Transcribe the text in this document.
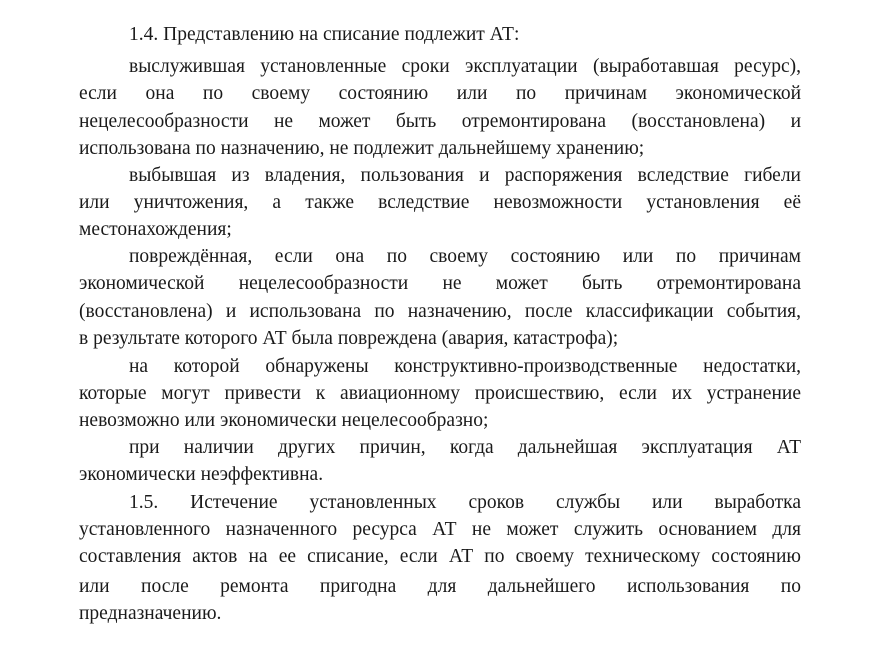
1.4. Представлению на списание подлежит АТ:
выслужившая установленные сроки эксплуатации (выработавшая ресурс),
если она по своему состоянию или по причинам экономической
нецелесообразности не может быть отремонтирована (восстановлена) и
использована по назначению, не подлежит дальнейшему хранению;
выбывшая из владения, пользования и распоряжения вследствие гибели
или уничтожения, а также вследствие невозможности установления её
местонахождения;
повреждённая, если она по своему состоянию или по причинам
экономической нецелесообразности не может быть отремонтирована
(восстановлена) и использована по назначению, после классификации события,
в результате которого АТ была повреждена (авария, катастрофа);
на которой обнаружены конструктивно-производственные недостатки,
которые могут привести к авиационному происшествию, если их устранение
невозможно или экономически нецелесообразно;
при наличии других причин, когда дальнейшая эксплуатация АТ
экономически неэффективна.
1.5. Истечение установленных сроков службы или выработка
установленного назначенного ресурса АТ не может служить основанием для
составления актов на ее списание, если АТ по своему техническому состоянию
или после ремонта пригодна для дальнейшего использования по
предназначению.
